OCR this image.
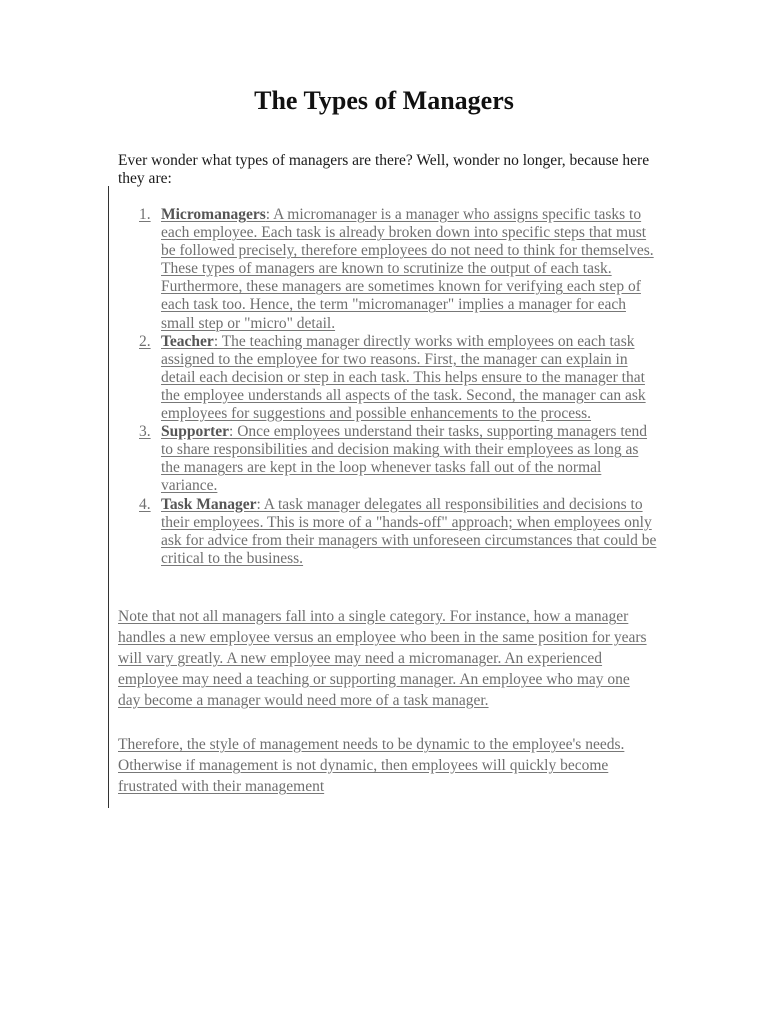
The Types of Managers

Ever wonder what types of managers are there? Well, wonder no longer, because here they are:

1. Micromanagers: A micromanager is a manager who assigns specific tasks to each employee. Each task is already broken down into specific steps that must be followed precisely, therefore employees do not need to think for themselves. These types of managers are known to scrutinize the output of each task. Furthermore, these managers are sometimes known for verifying each step of each task too. Hence, the term "micromanager" implies a manager for each small step or "micro" detail.
2. Teacher: The teaching manager directly works with employees on each task assigned to the employee for two reasons. First, the manager can explain in detail each decision or step in each task. This helps ensure to the manager that the employee understands all aspects of the task. Second, the manager can ask employees for suggestions and possible enhancements to the process.
3. Supporter: Once employees understand their tasks, supporting managers tend to share responsibilities and decision making with their employees as long as the managers are kept in the loop whenever tasks fall out of the normal variance.
4. Task Manager: A task manager delegates all responsibilities and decisions to their employees. This is more of a "hands-off" approach; when employees only ask for advice from their managers with unforeseen circumstances that could be critical to the business.

Note that not all managers fall into a single category. For instance, how a manager handles a new employee versus an employee who been in the same position for years will vary greatly. A new employee may need a micromanager. An experienced employee may need a teaching or supporting manager. An employee who may one day become a manager would need more of a task manager.

Therefore, the style of management needs to be dynamic to the employee's needs. Otherwise if management is not dynamic, then employees will quickly become frustrated with their management
